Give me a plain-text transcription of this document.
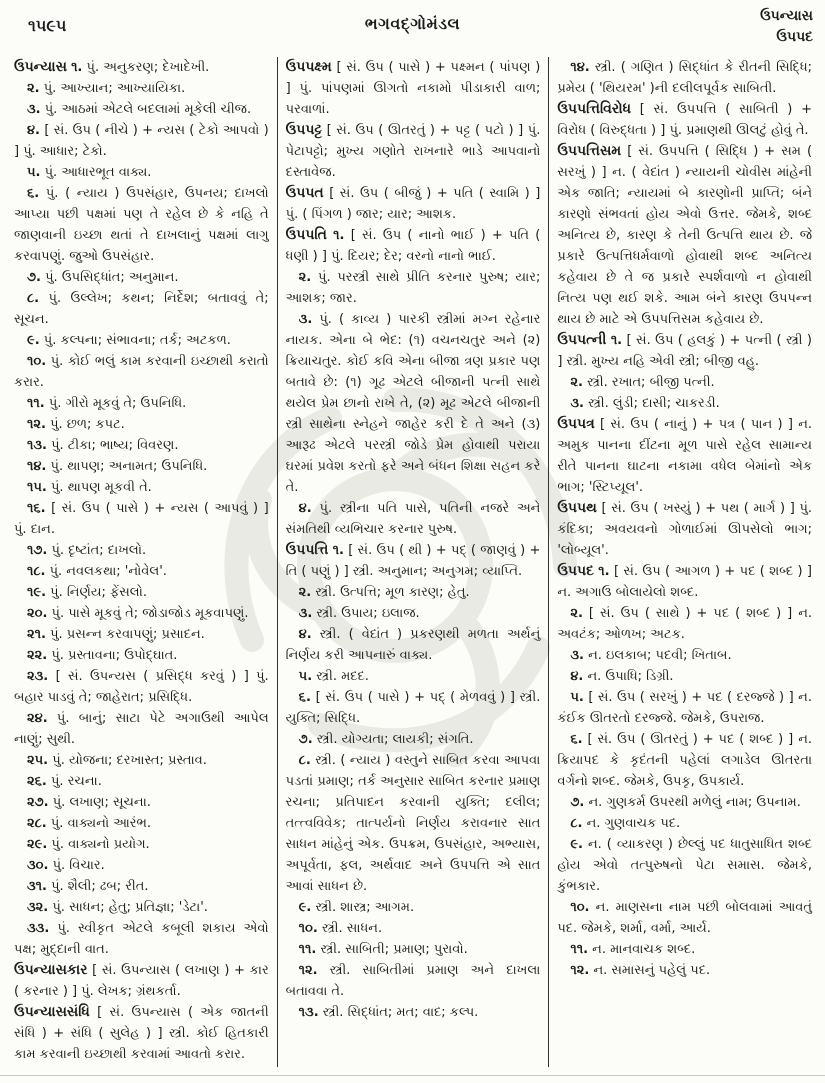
૧૫૯૫	ભગવદ્ગોમંડલ	ઉપન્યાસ
ઉપપદ

ઉપન્યાસ ૧. પું. અનુકરણ; દેખાદેખી.

૨. પું. આખ્યાન; આખ્યાયિકા.

૩. પું. આઠમાં એટલે બદલામાં મૂકેલી ચીજ.

૪. [ સં. ઉપ ( નીચે ) + ન્યસ ( ટેકો આપવો ) ] પું. આધાર; ટેકો.

૫. પું. આધારભૂત વાક્ય.

૬. પું. ( ન્યાય ) ઉપસંહાર, ઉપનય; દાખલો આપ્યા પછી પક્ષમાં પણ તે રહેલ છે કે નહિ તે જાણવાની ઇચ્છા થતાં તે દાખલાનું પક્ષમાં લાગુ કરવાપણું. જુઓ ઉપસંહાર.

૭. પું. ઉપસિદ્ધાંત; અનુમાન.

૮. પું. ઉલ્લેખ; કથન; નિર્દેશ; બતાવવું તે; સૂચન.

૯. પું. કલ્પના; સંભાવના; તર્ક; અટકળ.

૧૦. પું. કોઈ ભલું કામ કરવાની ઇચ્છાથી કરાતો કરાર.

૧૧. પું. ગીરો મૂકવું તે; ઉપનિધિ.

૧૨. પું. છળ; કપટ.

૧૩. પું. ટીકા; ભાષ્ય; વિવરણ.

૧૪. પું. થાપણ; અનામત; ઉપનિધિ.

૧૫. પું. થાપણ મૂકવી તે.

૧૬. [ સં. ઉપ ( પાસે ) + ન્યસ ( આપવું ) ] પું. દાન.

૧૭. પું. દૃષ્ટાંત; દાખલો.

૧૮. પું. નવલકથા; 'નોવેલ'.

૧૯. પું. નિર્ણય; ફેંસલો.

૨૦. પું. પાસે મૂકવું તે; જોડાજોડ મૂકવાપણું.

૨૧. પું. પ્રસન્ન કરવાપણું; પ્રસાદન.

૨૨. પું. પ્રસ્તાવના; ઉપોદ્ઘાત.

૨૩. [ સં. ઉપન્યસ ( પ્રસિદ્ધ કરવું ) ] પું. બહાર પાડવું તે; જાહેરાત; પ્રસિદ્ધિ.

૨૪. પું. બાનું; સાટા પેટે અગાઉથી આપેલ નાણું; સુથી.

૨૫. પું. યોજના; દરખાસ્ત; પ્રસ્તાવ.

૨૬. પું. રચના.

૨૭. પું. લખાણ; સૂચના.

૨૮. પું. વાક્યનો આરંભ.

૨૯. પું. વાક્યનો પ્રયોગ.

૩૦. પું. વિચાર.

૩૧. પું. શૈલી; ઢબ; રીત.

૩૨. પું. સાધન; હેતુ; પ્રતિજ્ઞા; 'ડેટા'.

૩૩. પું. સ્વીકૃત એટલે કબૂલી શકાય એવો પક્ષ; મુદ્દાની વાત.

ઉપન્યાસકાર [ સં. ઉપન્યાસ ( લખાણ ) + કાર ( કરનાર ) ] પું. લેખક; ગ્રંથકર્તા.

ઉપન્યાસસંધિ [ સં. ઉપન્યાસ ( એક જાતની સંધિ ) + સંધિ ( સુલેહ ) ] સ્ત્રી. કોઈ હિતકારી કામ કરવાની ઇચ્છાથી કરવામાં આવતો કરાર.

ઉપપક્ષ્મ [ સં. ઉપ ( પાસે ) + પક્ષ્મન ( પાંપણ ) ] પું. પાંપણમાં ઊગતો નકામો પીડાકારી વાળ; પરવાળાં.

ઉપપટ્ટ [ સં. ઉપ ( ઊતરતું ) + પટ્ટ ( પટો ) ] પું. પેટાપટ્ટો; મુખ્ય ગણોતે રાખનારે ભાડે આપવાનો દસ્તાવેજ.

ઉપપત [ સં. ઉપ ( બીજું ) + પતિ ( સ્વામિ ) ] પું. ( પિંગળ ) જાર; યાર; આશક.

ઉપપતિ ૧. [ સં. ઉપ ( નાનો ભાઈ ) + પતિ ( ધણી ) ] પું. દિયર; દેર; વરનો નાનો ભાઈ.

૨. પું. પરસ્ત્રી સાથે પ્રીતિ કરનાર પુરુષ; યાર; આશક; જાર.

૩. પું. ( કાવ્ય ) પારકી સ્ત્રીમાં મગ્ન રહેનાર નાયક. એના બે ભેદ: (૧) વચનચતુર અને (૨) ક્રિયાચતુર. કોઈ કવિ એના બીજા ત્રણ પ્રકાર પણ બતાવે છે: (૧) ગૂઢ એટલે બીજાની પત્ની સાથે થયેલ પ્રેમ છાનો રાખે તે, (૨) મૂઢ એટલે બીજાની સ્ત્રી સાથેના સ્નેહને જાહેર કરી દે તે અને (૩) આરૂઢ એટલે પરસ્ત્રી જોડે પ્રેમ હોવાથી પરાયા ઘરમાં પ્રવેશ કરતો ફરે અને બંધન શિક્ષા સહન કરે તે.

૪. પું. સ્ત્રીના પતિ પાસે, પતિની નજરે અને સંમતિથી વ્યભિચાર કરનાર પુરુષ.

ઉપપત્તિ ૧. [ સં. ઉપ ( થી ) + પદ્ ( જાણવું ) + તિ ( પણું ) ] સ્ત્રી. અનુમાન; અનુગમ; વ્યાપ્તિ.

૨. સ્ત્રી. ઉત્પત્તિ; મૂળ કારણ; હેતુ.

૩. સ્ત્રી. ઉપાય; ઇલાજ.

૪. સ્ત્રી. ( વેદાંત ) પ્રકરણથી મળતા અર્થનું નિર્ણય કરી આપનારું વાક્ય.

૫. સ્ત્રી. મદદ.

૬. [ સં. ઉપ ( પાસે ) + પદ્ ( મેળવવું ) ] સ્ત્રી. યુક્તિ; સિદ્ધિ.

૭. સ્ત્રી. યોગ્યતા; લાયકી; સંગતિ.

૮. સ્ત્રી. ( ન્યાય ) વસ્તુને સાબિત કરવા આપવા પડતાં પ્રમાણ; તર્ક અનુસાર સાબિત કરનાર પ્રમાણ રચના; પ્રતિપાદન કરવાની યુક્તિ; દલીલ; તત્ત્વવિવેક; તાત્પર્યનો નિર્ણય કરાવનાર સાત સાધન માંહેનું એક. ઉપક્રમ, ઉપસંહાર, અભ્યાસ, અપૂર્વતા, ફલ, અર્થવાદ અને ઉપપત્તિ એ સાત આવાં સાધન છે.

૯. સ્ત્રી. શાસ્ત્ર; આગમ.

૧૦. સ્ત્રી. સાધન.

૧૧. સ્ત્રી. સાબિતી; પ્રમાણ; પુરાવો.

૧૨. સ્ત્રી. સાબિતીમાં પ્રમાણ અને દાખલા બતાવવા તે.

૧૩. સ્ત્રી. સિદ્ધાંત; મત; વાદ; કલ્પ.

૧૪. સ્ત્રી. ( ગણિત ) સિદ્ધાંત કે રીતની સિદ્ધિ; પ્રમેય ( 'થિયરમ' )ની દલીલપૂર્વક સાબિતી.

ઉપપત્તિવિરોધ [ સં. ઉપપત્તિ ( સાબિતી ) + વિરોધ ( વિરુદ્ધતા ) ] પું. પ્રમાણથી ઊલટું હોવું તે.

ઉપપત્તિસમ [ સં. ઉપપત્તિ ( સિદ્ધિ ) + સમ ( સરખું ) ] ન. ( વેદાંત ) ન્યાયની ચોવીસ માંહેની એક જાતિ; ન્યાયમાં બે કારણોની પ્રાપ્તિ; બંને કારણો સંભવતાં હોય એવો ઉત્તર. જેમકે, શબ્દ અનિત્ય છે, કારણ કે તેની ઉત્પત્તિ થાય છે. જે પ્રકારે ઉત્પત્તિધર્મવાળો હોવાથી શબ્દ અનિત્ય કહેવાય છે તે જ પ્રકારે સ્પર્શવાળો ન હોવાથી નિત્ય પણ થઈ શકે. આમ બંને કારણ ઉપપન્ન થાય છે માટે એ ઉપપત્તિસમ કહેવાય છે.

ઉપપત્ની ૧. [ સં. ઉપ ( હલકું ) + પત્ની ( સ્ત્રી ) ] સ્ત્રી. મુખ્ય નહિ એવી સ્ત્રી; બીજી વહુ.

૨. સ્ત્રી. રખાત; બીજી પત્ની.

૩. સ્ત્રી. લુંડી; દાસી; ચાકરડી.

ઉપપત્ર [ સં. ઉપ ( નાનું ) + પત્ર ( પાન ) ] ન. અમુક પાનના દીંટના મૂળ પાસે રહેલ સામાન્ય રીતે પાનના ઘાટના નકામા વધેલ બેમાંનો એક ભાગ; 'સ્ટિપ્યૂલ'.

ઉપપથ [ સં. ઉપ ( ખસ્યું ) + પથ ( માર્ગ ) ] પું. કંદિકા; અવયવનો ગોળાઈમાં ઊપસેલો ભાગ; 'લોબ્યૂલ'.

ઉપપદ ૧. [ સં. ઉપ ( આગળ ) + પદ ( શબ્દ ) ] ન. અગાઉ બોલાયેલો શબ્દ.

૨. [ સં. ઉપ ( સાથે ) + પદ ( શબ્દ ) ] ન. અવટંક; ઓળખ; અટક.

૩. ન. ઇલકાબ; પદવી; ખિતાબ.

૪. ન. ઉપાધિ; ડિગ્રી.

૫. [ સં. ઉપ ( સરખું ) + પદ ( દરજ્જે ) ] ન. કંઈક ઊતરતો દરજ્જે. જેમકે, ઉપરાજ.

૬. [ સં. ઉપ ( ઊતરતું ) + પદ ( શબ્દ ) ] ન. ક્રિયાપદ કે કૃદંતની પહેલાં લગાડેલ ઊતરતા વર્ગનો શબ્દ. જેમકે, ઉપકૃ, ઉપકાર્ય.

૭. ન. ગુણકર્મ ઉપરથી મળેલું નામ; ઉપનામ.

૮. ન. ગુણવાચક પદ.

૯. ન. ( વ્યાકરણ ) છેલ્લું પદ ધાતુસાધિત શબ્દ હોય એવો તત્પુરુષનો પેટા સમાસ. જેમકે, કુંભકાર.

૧૦. ન. માણસના નામ પછી બોલવામાં આવતું પદ. જેમકે, શર્મા, વર્મા, આર્ય.

૧૧. ન. માનવાચક શબ્દ.

૧૨. ન. સમાસનું પહેલું પદ.
